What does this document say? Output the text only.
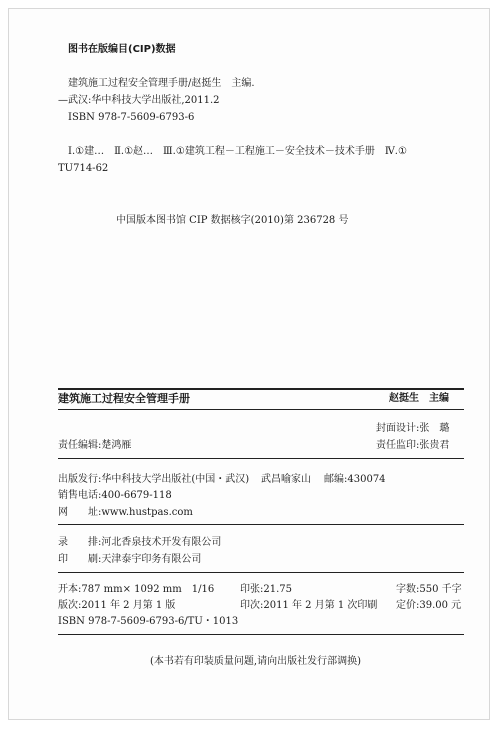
图书在版编目(CIP)数据
建筑施工过程安全管理手册/赵挺生　主编.
—武汉:华中科技大学出版社,2011.2
ISBN 978-7-5609-6793-6
Ⅰ.①建…　Ⅱ.①赵…　Ⅲ.①建筑工程－工程施工－安全技术－技术手册　Ⅳ.①
TU714-62
中国版本图书馆 CIP 数据核字(2010)第 236728 号
建筑施工过程安全管理手册	赵挺生　主编
封面设计:张　璐
责任编辑:楚鸿雁	责任监印:张贵君
出版发行:华中科技大学出版社(中国・武汉) 武昌喻家山 邮编:430074
销售电话:400-6679-118
网　　址:www.hustpas.com
录　　排:河北香泉技术开发有限公司
印　　刷:天津泰宇印务有限公司
开本:787 mm× 1092 mm　1/16	印张:21.75	字数:550 千字
版次:2011 年 2 月第 1 版	印次:2011 年 2 月第 1 次印刷 定价:39.00 元
ISBN 978-7-5609-6793-6/TU・1013
(本书若有印装质量问题,请向出版社发行部调换)
